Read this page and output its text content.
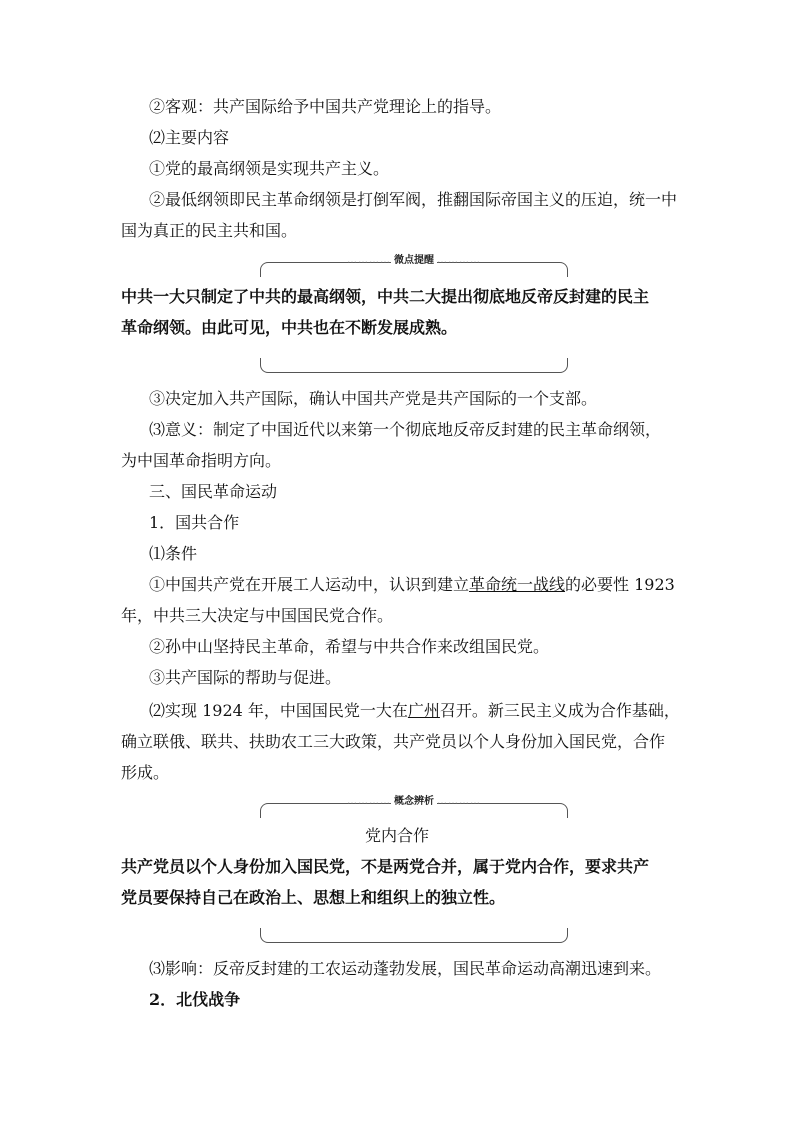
②客观：共产国际给予中国共产党理论上的指导。
⑵主要内容
①党的最高纲领是实现共产主义。
②最低纲领即民主革命纲领是打倒军阀，推翻国际帝国主义的压迫，统一中
国为真正的民主共和国。
………… 微点提醒 …………
中共一大只制定了中共的最高纲领，中共二大提出彻底地反帝反封建的民主
革命纲领。由此可见，中共也在不断发展成熟。
③决定加入共产国际，确认中国共产党是共产国际的一个支部。
⑶意义：制定了中国近代以来第一个彻底地反帝反封建的民主革命纲领，
为中国革命指明方向。
三、国民革命运动
1．国共合作
⑴条件
①中国共产党在开展工人运动中，认识到建立革命统一战线的必要性 1923
年，中共三大决定与中国国民党合作。
②孙中山坚持民主革命，希望与中共合作来改组国民党。
③共产国际的帮助与促进。
⑵实现 1924 年，中国国民党一大在广州召开。新三民主义成为合作基础，
确立联俄、联共、扶助农工三大政策，共产党员以个人身份加入国民党，合作
形成。
………… 概念辨析 …………
党内合作
共产党员以个人身份加入国民党，不是两党合并，属于党内合作，要求共产
党员要保持自己在政治上、思想上和组织上的独立性。
⑶影响：反帝反封建的工农运动蓬勃发展，国民革命运动高潮迅速到来。
2．北伐战争
